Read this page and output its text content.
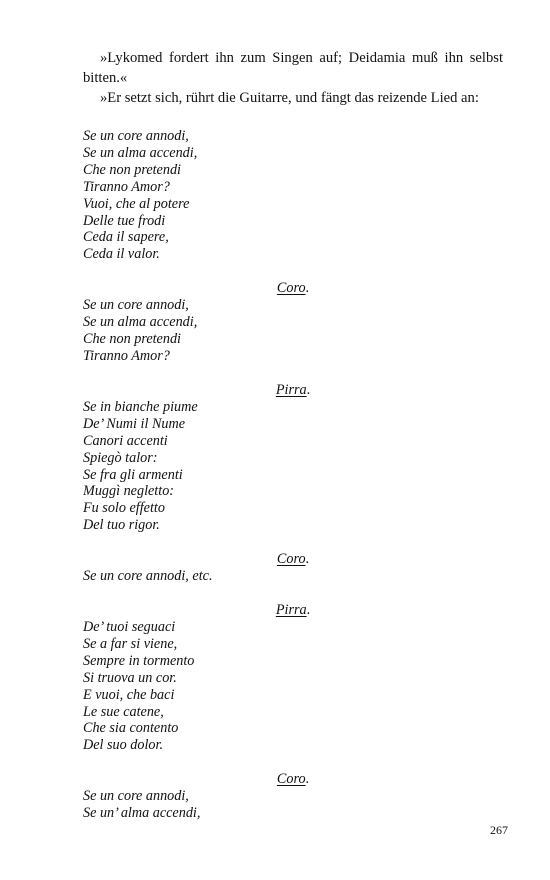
»Lykomed fordert ihn zum Singen auf; Deidamia muß ihn selbst bitten.«

»Er setzt sich, rührt die Guitarre, und fängt das reizende Lied an:

Se un core annodi,
Se un alma accendi,
Che non pretendi
Tiranno Amor?
Vuoi, che al potere
Delle tue frodi
Ceda il sapere,
Ceda il valor.

Coro.

Se un core annodi,
Se un alma accendi,
Che non pretendi
Tiranno Amor?

Pirra.

Se in bianche piume
De’ Numi il Nume
Canori accenti
Spiegò talor:
Se fra gli armenti
Muggì negletto:
Fu solo effetto
Del tuo rigor.

Coro.

Se un core annodi, etc.

Pirra.

De’ tuoi seguaci
Se a far si viene,
Sempre in tormento
Si truova un cor.
E vuoi, che baci
Le sue catene,
Che sia contento
Del suo dolor.

Coro.

Se un core annodi,
Se un’ alma accendi,
267
